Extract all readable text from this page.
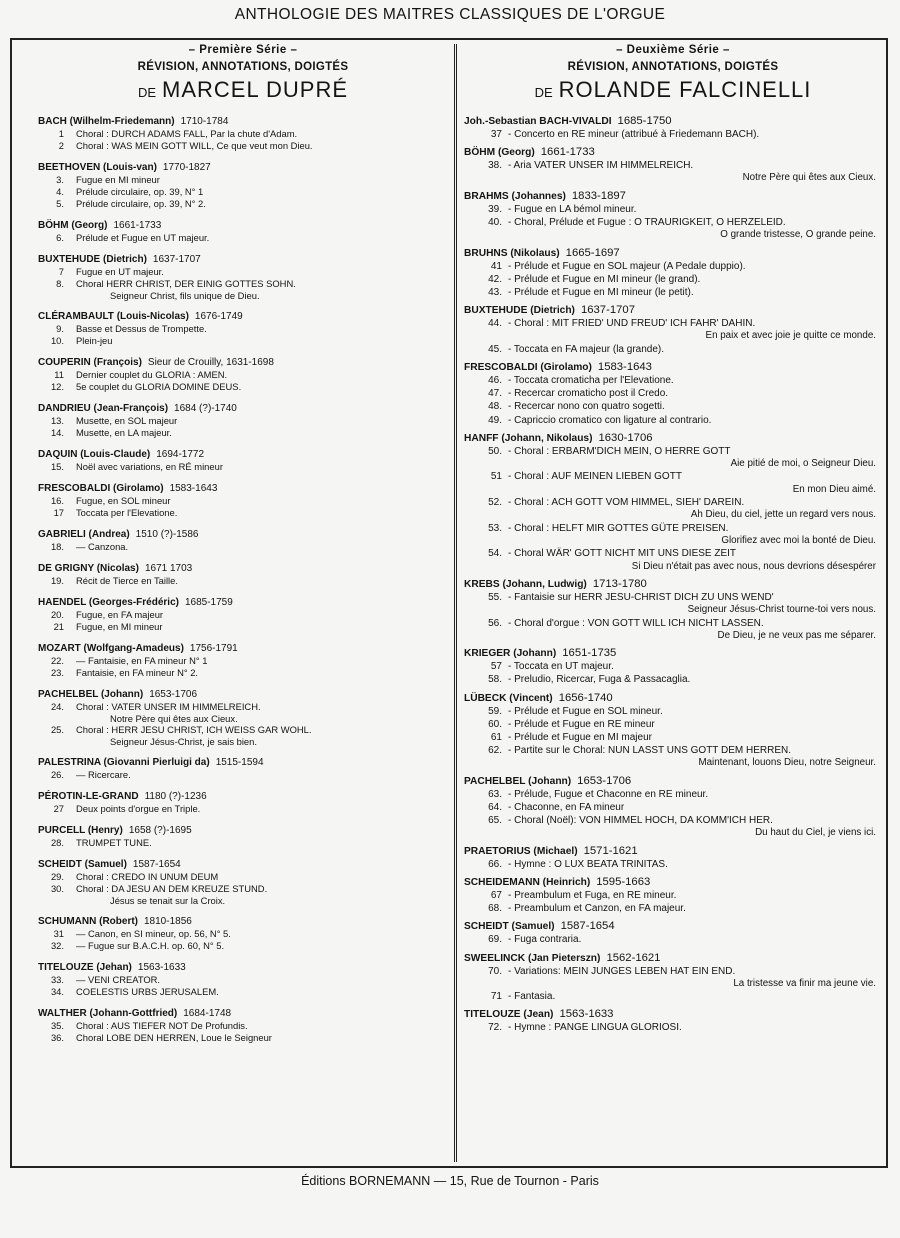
ANTHOLOGIE DES MAITRES CLASSIQUES DE L'ORGUE
– Première Série –
RÉVISION, ANNOTATIONS, DOIGTÉS
DE MARCEL DUPRÉ
BACH (Wilhelm-Friedemann) 1710-1784
1	Choral : DURCH ADAMS FALL, Par la chute d'Adam.
2	Choral : WAS MEIN GOTT WILL, Ce que veut mon Dieu.
BEETHOVEN (Louis-van) 1770-1827
3.	Fugue en MI mineur
4.	Prélude circulaire, op. 39, N° 1
5.	Prélude circulaire, op. 39, N° 2.
BÖHM (Georg) 1661-1733
6.	Prélude et Fugue en UT majeur.
BUXTEHUDE (Dietrich) 1637-1707
7	Fugue en UT majeur.
8.	Choral HERR CHRIST, DER EINIG GOTTES SOHN.
Seigneur Christ, fils unique de Dieu.
CLÉRAMBAULT (Louis-Nicolas) 1676-1749
9.	Basse et Dessus de Trompette.
10.	Plein-jeu
COUPERIN (François) Sieur de Crouilly, 1631-1698
11	Dernier couplet du GLORIA : AMEN.
12.	5e couplet du GLORIA DOMINE DEUS.
DANDRIEU (Jean-François) 1684 (?)-1740
13.	Musette, en SOL majeur
14.	Musette, en LA majeur.
DAQUIN (Louis-Claude) 1694-1772
15.	Noël avec variations, en RÉ mineur
FRESCOBALDI (Girolamo) 1583-1643
16.	Fugue, en SOL mineur
17	Toccata per l'Elevatione.
GABRIELI (Andrea) 1510 (?)-1586
18.	— Canzona.
DE GRIGNY (Nicolas) 1671 1703
19.	Récit de Tierce en Taille.
HAENDEL (Georges-Frédéric) 1685-1759
20.	Fugue, en FA majeur
21	Fugue, en MI mineur
MOZART (Wolfgang-Amadeus) 1756-1791
22.	— Fantaisie, en FA mineur N° 1
23.	Fantaisie, en FA mineur N° 2.
PACHELBEL (Johann) 1653-1706
24.	Choral : VATER UNSER IM HIMMELREICH.
Notre Père qui êtes aux Cieux.
25.	Choral : HERR JESU CHRIST, ICH WEISS GAR WOHL.
Seigneur Jésus-Christ, je sais bien.
PALESTRINA (Giovanni Pierluigi da) 1515-1594
26.	— Ricercare.
PÉROTIN-LE-GRAND 1180 (?)-1236
27	Deux points d'orgue en Triple.
PURCELL (Henry) 1658 (?)-1695
28.	TRUMPET TUNE.
SCHEIDT (Samuel) 1587-1654
29.	Choral : CREDO IN UNUM DEUM
30.	Choral : DA JESU AN DEM KREUZE STUND.
Jésus se tenait sur la Croix.
SCHUMANN (Robert) 1810-1856
31	— Canon, en SI mineur, op. 56, N° 5.
32.	— Fugue sur B.A.C.H. op. 60, N° 5.
TITELOUZE (Jehan) 1563-1633
33.	— VENI CREATOR.
34.	COELESTIS URBS JERUSALEM.
WALTHER (Johann-Gottfried) 1684-1748
35.	Choral : AUS TIEFER NOT De Profundis.
36.	Choral LOBE DEN HERREN, Loue le Seigneur
– Deuxième Série –
RÉVISION, ANNOTATIONS, DOIGTÉS
DE ROLANDE FALCINELLI
Joh.-Sebastian BACH-VIVALDI 1685-1750
37 - Concerto en RE mineur (attribué à Friedemann BACH).
BÖHM (Georg) 1661-1733
38. - Aria VATER UNSER IM HIMMELREICH.
Notre Père qui êtes aux Cieux.
BRAHMS (Johannes) 1833-1897
39. - Fugue en LA bémol mineur.
40. - Choral, Prélude et Fugue : O TRAURIGKEIT, O HERZELEID.
O grande tristesse, O grande peine.
BRUHNS (Nikolaus) 1665-1697
41 - Prélude et Fugue en SOL majeur (A Pedale duppio).
42. - Prélude et Fugue en MI mineur (le grand).
43. - Prélude et Fugue en MI mineur (le petit).
BUXTEHUDE (Dietrich) 1637-1707
44. - Choral : MIT FRIED' UND FREUD' ICH FAHR' DAHIN.
En paix et avec joie je quitte ce monde.
45. - Toccata en FA majeur (la grande).
FRESCOBALDI (Girolamo) 1583-1643
46. - Toccata cromaticha per l'Elevatione.
47. - Recercar cromaticho post il Credo.
48. - Recercar nono con quatro sogetti.
49. - Capriccio cromatico con ligature al contrario.
HANFF (Johann, Nikolaus) 1630-1706
50. - Choral : ERBARM'DICH MEIN, O HERRE GOTT
Aie pitié de moi, o Seigneur Dieu.
51 - Choral : AUF MEINEN LIEBEN GOTT
En mon Dieu aimé.
52. - Choral : ACH GOTT VOM HIMMEL, SIEH' DAREIN.
Ah Dieu, du ciel, jette un regard vers nous.
53. - Choral : HELFT MIR GOTTES GÜTE PREISEN.
Glorifiez avec moi la bonté de Dieu.
54. - Choral WÄR' GOTT NICHT MIT UNS DIESE ZEIT
Si Dieu n'était pas avec nous, nous devrions désespérer
KREBS (Johann, Ludwig) 1713-1780
55. - Fantaisie sur HERR JESU-CHRIST DICH ZU UNS WEND'
Seigneur Jésus-Christ tourne-toi vers nous.
56. - Choral d'orgue : VON GOTT WILL ICH NICHT LASSEN.
De Dieu, je ne veux pas me séparer.
KRIEGER (Johann) 1651-1735
57 - Toccata en UT majeur.
58. - Preludio, Ricercar, Fuga & Passacaglia.
LÜBECK (Vincent) 1656-1740
59. - Prélude et Fugue en SOL mineur.
60. - Prélude et Fugue en RE mineur
61 - Prélude et Fugue en MI majeur
62. - Partite sur le Choral: NUN LASST UNS GOTT DEM HERREN.
Maintenant, louons Dieu, notre Seigneur.
PACHELBEL (Johann) 1653-1706
63. - Prélude, Fugue et Chaconne en RE mineur.
64. - Chaconne, en FA mineur
65. - Choral (Noël): VON HIMMEL HOCH, DA KOMM'ICH HER.
Du haut du Ciel, je viens ici.
PRAETORIUS (Michael) 1571-1621
66. - Hymne : O LUX BEATA TRINITAS.
SCHEIDEMANN (Heinrich) 1595-1663
67 - Preambulum et Fuga, en RE mineur.
68. - Preambulum et Canzon, en FA majeur.
SCHEIDT (Samuel) 1587-1654
69. - Fuga contraria.
SWEELINCK (Jan Pieterszn) 1562-1621
70. - Variations: MEIN JUNGES LEBEN HAT EIN END.
La tristesse va finir ma jeune vie.
71 - Fantasia.
TITELOUZE (Jean) 1563-1633
72. - Hymne : PANGE LINGUA GLORIOSI.
Éditions BORNEMANN — 15, Rue de Tournon - Paris
